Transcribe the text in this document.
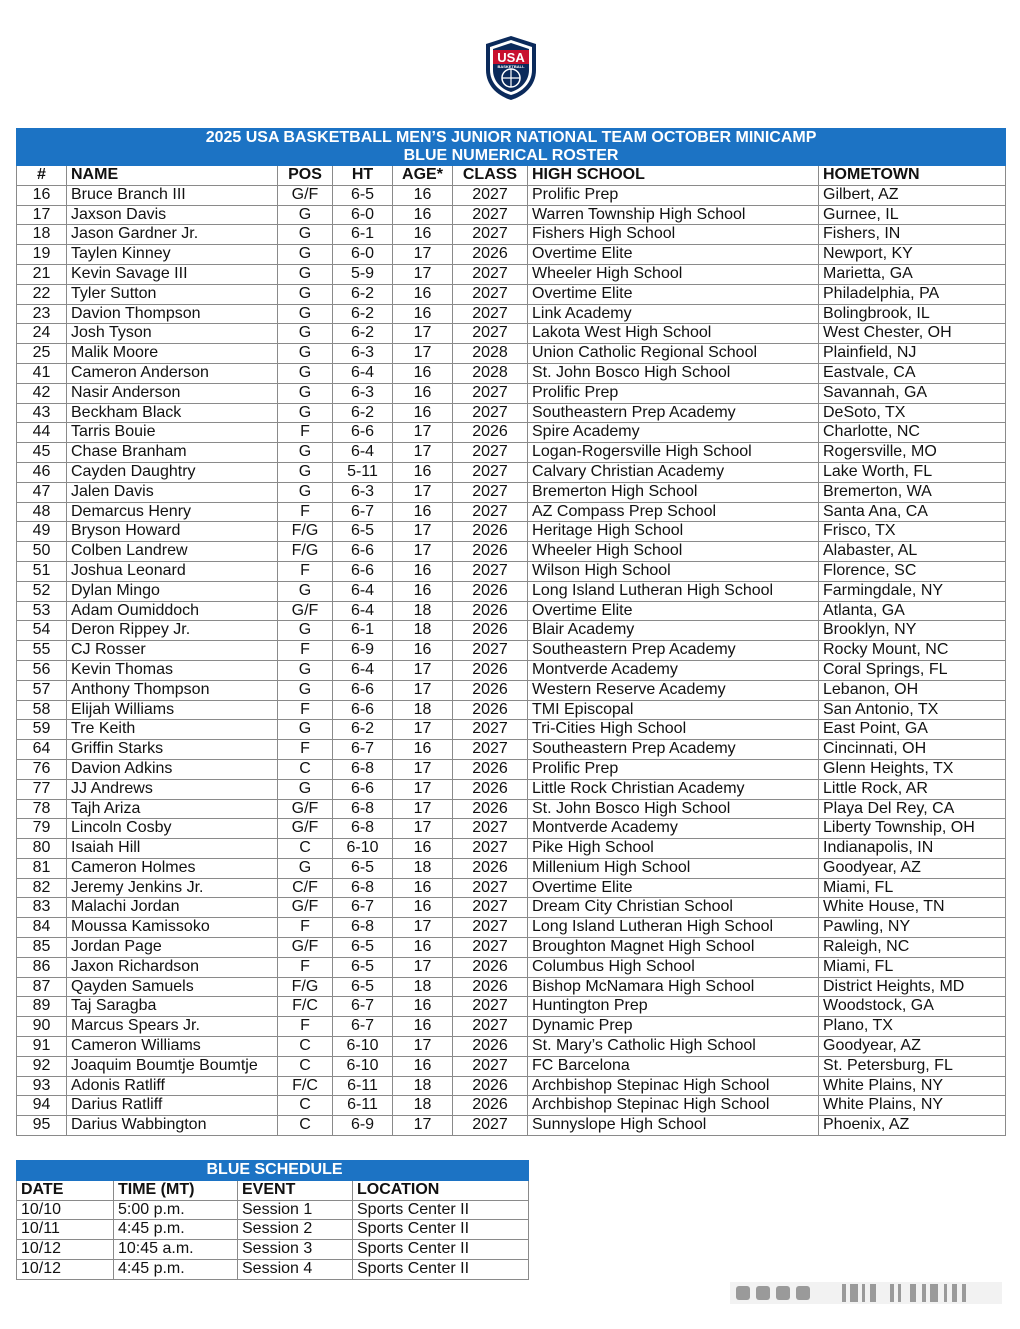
USA
BASKETBALL
2025 USA BASKETBALL MEN’S JUNIOR NATIONAL TEAM OCTOBER MINICAMP
BLUE NUMERICAL ROSTER							

#	NAME	POS	HT	AGE*	CLASS	HIGH SCHOOL	HOMETOWN
16	Bruce Branch III	G/F	6-5	16	2027	Prolific Prep	Gilbert, AZ
17	Jaxson Davis	G	6-0	16	2027	Warren Township High School	Gurnee, IL
18	Jason Gardner Jr.	G	6-1	16	2027	Fishers High School	Fishers, IN
19	Taylen Kinney	G	6-0	17	2026	Overtime Elite	Newport, KY
21	Kevin Savage III	G	5-9	17	2027	Wheeler High School	Marietta, GA
22	Tyler Sutton	G	6-2	16	2027	Overtime Elite	Philadelphia, PA
23	Davion Thompson	G	6-2	16	2027	Link Academy	Bolingbrook, IL
24	Josh Tyson	G	6-2	17	2027	Lakota West High School	West Chester, OH
25	Malik Moore	G	6-3	17	2028	Union Catholic Regional School	Plainfield, NJ
41	Cameron Anderson	G	6-4	16	2028	St. John Bosco High School	Eastvale, CA
42	Nasir Anderson	G	6-3	16	2027	Prolific Prep	Savannah, GA
43	Beckham Black	G	6-2	16	2027	Southeastern Prep Academy	DeSoto, TX
44	Tarris Bouie	F	6-6	17	2026	Spire Academy	Charlotte, NC
45	Chase Branham	G	6-4	17	2027	Logan-Rogersville High School	Rogersville, MO
46	Cayden Daughtry	G	5-11	16	2027	Calvary Christian Academy	Lake Worth, FL
47	Jalen Davis	G	6-3	17	2027	Bremerton High School	Bremerton, WA
48	Demarcus Henry	F	6-7	16	2027	AZ Compass Prep School	Santa Ana, CA
49	Bryson Howard	F/G	6-5	17	2026	Heritage High School	Frisco, TX
50	Colben Landrew	F/G	6-6	17	2026	Wheeler High School	Alabaster, AL
51	Joshua Leonard	F	6-6	16	2027	Wilson High School	Florence, SC
52	Dylan Mingo	G	6-4	16	2026	Long Island Lutheran High School	Farmingdale, NY
53	Adam Oumiddoch	G/F	6-4	18	2026	Overtime Elite	Atlanta, GA
54	Deron Rippey Jr.	G	6-1	18	2026	Blair Academy	Brooklyn, NY
55	CJ Rosser	F	6-9	16	2027	Southeastern Prep Academy	Rocky Mount, NC
56	Kevin Thomas	G	6-4	17	2026	Montverde Academy	Coral Springs, FL
57	Anthony Thompson	G	6-6	17	2026	Western Reserve Academy	Lebanon, OH
58	Elijah Williams	F	6-6	18	2026	TMI Episcopal	San Antonio, TX
59	Tre Keith	G	6-2	17	2027	Tri-Cities High School	East Point, GA
64	Griffin Starks	F	6-7	16	2027	Southeastern Prep Academy	Cincinnati, OH
76	Davion Adkins	C	6-8	17	2026	Prolific Prep	Glenn Heights, TX
77	JJ Andrews	G	6-6	17	2026	Little Rock Christian Academy	Little Rock, AR
78	Tajh Ariza	G/F	6-8	17	2026	St. John Bosco High School	Playa Del Rey, CA
79	Lincoln Cosby	G/F	6-8	17	2027	Montverde Academy	Liberty Township, OH
80	Isaiah Hill	C	6-10	16	2027	Pike High School	Indianapolis, IN
81	Cameron Holmes	G	6-5	18	2026	Millenium High School	Goodyear, AZ
82	Jeremy Jenkins Jr.	C/F	6-8	16	2027	Overtime Elite	Miami, FL
83	Malachi Jordan	G/F	6-7	16	2027	Dream City Christian School	White House, TN
84	Moussa Kamissoko	F	6-8	17	2027	Long Island Lutheran High School	Pawling, NY
85	Jordan Page	G/F	6-5	16	2027	Broughton Magnet High School	Raleigh, NC
86	Jaxon Richardson	F	6-5	17	2026	Columbus High School	Miami, FL
87	Qayden Samuels	F/G	6-5	18	2026	Bishop McNamara High School	District Heights, MD
89	Taj Saragba	F/C	6-7	16	2027	Huntington Prep	Woodstock, GA
90	Marcus Spears Jr.	F	6-7	16	2027	Dynamic Prep	Plano, TX
91	Cameron Williams	C	6-10	17	2026	St. Mary’s Catholic High School	Goodyear, AZ
92	Joaquim Boumtje Boumtje	C	6-10	16	2027	FC Barcelona	St. Petersburg, FL
93	Adonis Ratliff	F/C	6-11	18	2026	Archbishop Stepinac High School	White Plains, NY
94	Darius Ratliff	C	6-11	18	2026	Archbishop Stepinac High School	White Plains, NY
95	Darius Wabbington	C	6-9	17	2027	Sunnyslope High School	Phoenix, AZ
BLUE SCHEDULE			
DATE	TIME (MT)	EVENT	LOCATION
10/10	5:00 p.m.	Session 1	Sports Center II
10/11	4:45 p.m.	Session 2	Sports Center II
10/12	10:45 a.m.	Session 3	Sports Center II
10/12	4:45 p.m.	Session 4	Sports Center II
